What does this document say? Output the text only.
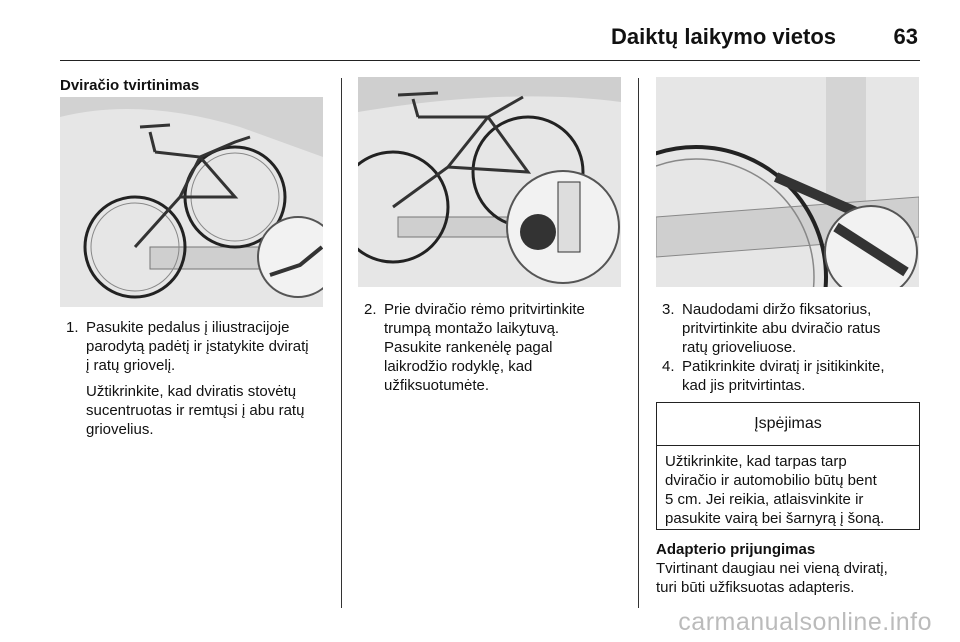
Daiktų laikymo vietos	63
Dviračio tvirtinimas
1. Pasukite pedalus į iliustracijoje
parodytą padėtį ir įstatykite dviratį
į ratų griovelį.

Užtikrinkite, kad dviratis stovėtų
sucentruotas ir remtųsi į abu ratų
griovelius.

2. Prie dviračio rėmo pritvirtinkite
trumpą montažo laikytuvą.
Pasukite rankenėlę pagal
laikrodžio rodyklę, kad
užfiksuotumėte.
3. Naudodami diržo fiksatorius,
pritvirtinkite abu dviračio ratus
ratų grioveliuose.
4. Patikrinkite dviratį ir įsitikinkite,
kad jis pritvirtintas.
Įspėjimas
Užtikrinkite, kad tarpas tarp
dviračio ir automobilio būtų bent
5 cm. Jei reikia, atlaisvinkite ir
pasukite vairą bei šarnyrą į šoną.
Adapterio prijungimas
Tvirtinant daugiau nei vieną dviratį,
turi būti užfiksuotas adapteris.
carmanualsonline.info
